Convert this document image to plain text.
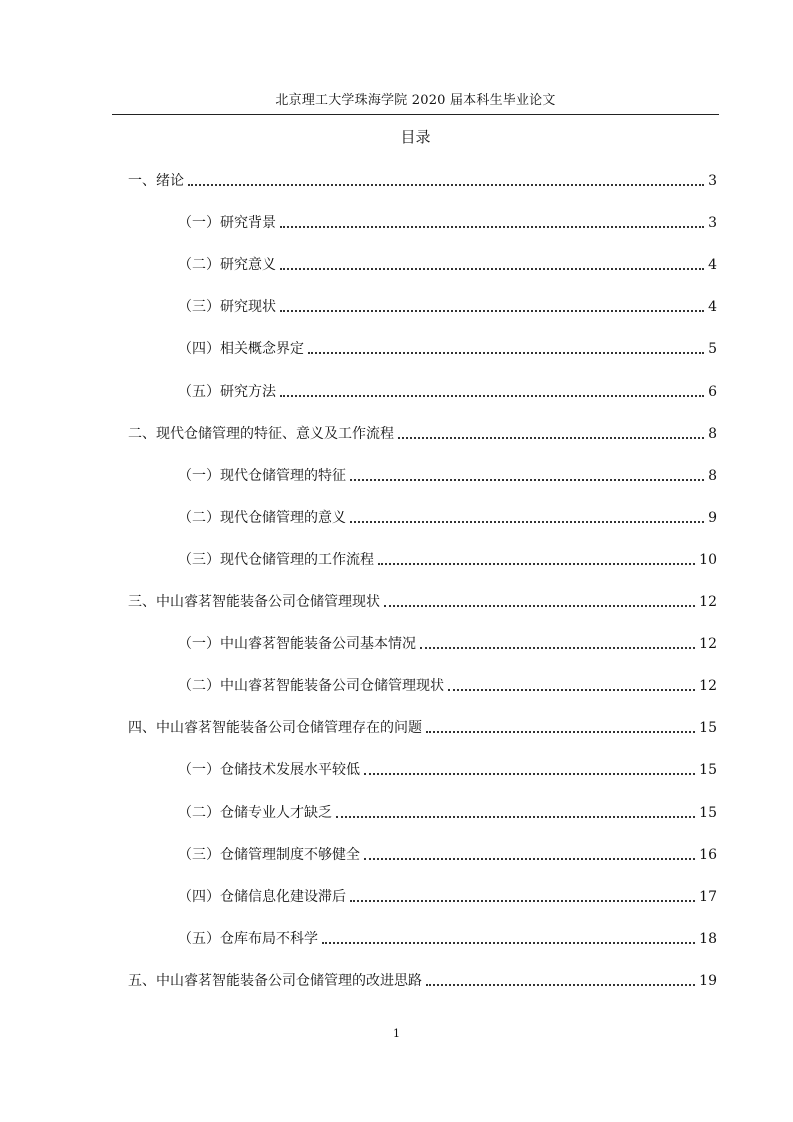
北京理工大学珠海学院 2020 届本科生毕业论文
目录
一、绪论	3
（一）研究背景	3
（二）研究意义	4
（三）研究现状	4
（四）相关概念界定	5
（五）研究方法	6
二、现代仓储管理的特征、意义及工作流程	8
（一）现代仓储管理的特征	8
（二）现代仓储管理的意义	9
（三）现代仓储管理的工作流程	10
三、中山睿茗智能装备公司仓储管理现状	12
（一）中山睿茗智能装备公司基本情况	12
（二）中山睿茗智能装备公司仓储管理现状	12
四、中山睿茗智能装备公司仓储管理存在的问题	15
（一）仓储技术发展水平较低	15
（二）仓储专业人才缺乏	15
（三）仓储管理制度不够健全	16
（四）仓储信息化建设滞后	17
（五）仓库布局不科学	18
五、中山睿茗智能装备公司仓储管理的改进思路	19
1
